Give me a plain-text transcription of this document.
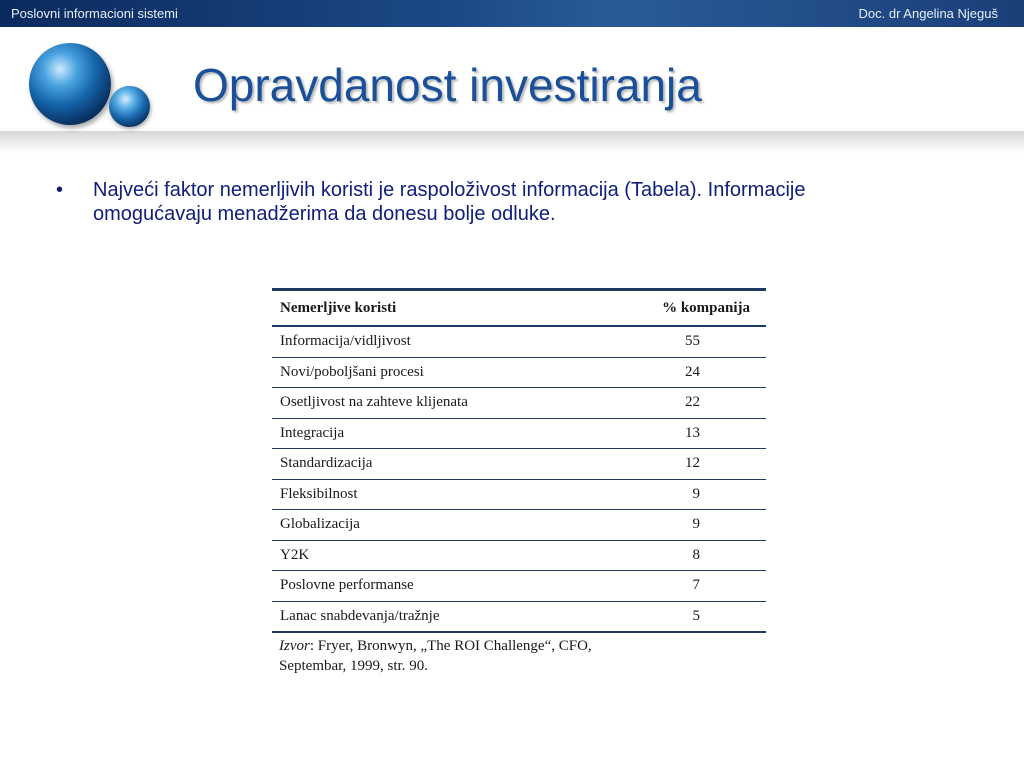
Poslovni informacioni sistemi	Doc. dr Angelina Njeguš
Opravdanost investiranja
• Najveći faktor nemerljivih koristi je raspoloživost informacija (Tabela). Informacije omogućavaju menadžerima da donesu bolje odluke.
Nemerljive koristi	% kompanija
Informacija/vidljivost	55
Novi/poboljšani procesi	24
Osetljivost na zahteve klijenata	22
Integracija	13
Standardizacija	12
Fleksibilnost	9
Globalizacija	9
Y2K	8
Poslovne performanse	7
Lanac snabdevanja/tražnje	5
Izvor: Fryer, Bronwyn, „The ROI Challenge“, CFO, Septembar, 1999, str. 90.
